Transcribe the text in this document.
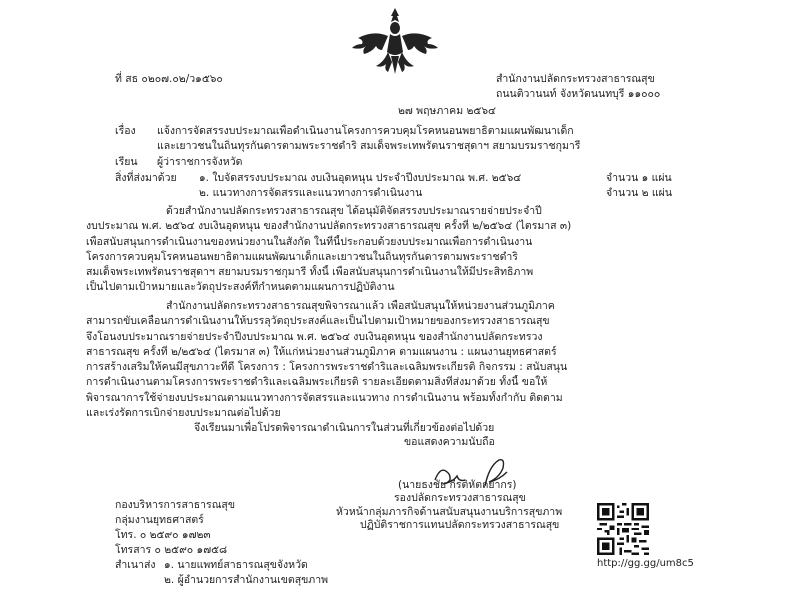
ที่ สธ ๐๒๐๗.๐๒/ว๑๕๖๐	สำนักงานปลัดกระทรวงสาธารณสุข
ถนนติวานนท์ จังหวัดนนทบุรี ๑๑๐๐๐
๒๗ พฤษภาคม ๒๕๖๔
เรื่อง แจ้งการจัดสรรงบประมาณเพื่อดำเนินงานโครงการควบคุมโรคหนอนพยาธิตามแผนพัฒนาเด็ก
และเยาวชนในถิ่นทุรกันดารตามพระราชดำริ สมเด็จพระเทพรัตนราชสุดาฯ สยามบรมราชกุมารี
เรียน ผู้ว่าราชการจังหวัด
สิ่งที่ส่งมาด้วย ๑. ใบจัดสรรงบประมาณ งบเงินอุดหนุน ประจำปีงบประมาณ พ.ศ. ๒๕๖๔	จำนวน ๑ แผ่น
๒. แนวทางการจัดสรรและแนวทางการดำเนินงาน	จำนวน ๒ แผ่น
ด้วยสำนักงานปลัดกระทรวงสาธารณสุข ได้อนุมัติจัดสรรงบประมาณรายจ่ายประจำปี
งบประมาณ พ.ศ. ๒๕๖๔ งบเงินอุดหนุน ของสำนักงานปลัดกระทรวงสาธารณสุข ครั้งที่ ๒/๒๕๖๔ (ไตรมาส ๓)
เพื่อสนับสนุนการดำเนินงานของหน่วยงานในสังกัด ในที่นี้ประกอบด้วยงบประมาณเพื่อการดำเนินงาน
โครงการควบคุมโรคหนอนพยาธิตามแผนพัฒนาเด็กและเยาวชนในถิ่นทุรกันดารตามพระราชดำริ
สมเด็จพระเทพรัตนราชสุดาฯ สยามบรมราชกุมารี ทั้งนี้ เพื่อสนับสนุนการดำเนินงานให้มีประสิทธิภาพ
เป็นไปตามเป้าหมายและวัตถุประสงค์ที่กำหนดตามแผนการปฏิบัติงาน
สำนักงานปลัดกระทรวงสาธารณสุขพิจารณาแล้ว เพื่อสนับสนุนให้หน่วยงานส่วนภูมิภาค
สามารถขับเคลื่อนการดำเนินงานให้บรรลุวัตถุประสงค์และเป็นไปตามเป้าหมายของกระทรวงสาธารณสุข
จึงโอนงบประมาณรายจ่ายประจำปีงบประมาณ พ.ศ. ๒๕๖๔ งบเงินอุดหนุน ของสำนักงานปลัดกระทรวง
สาธารณสุข ครั้งที่ ๒/๒๕๖๔ (ไตรมาส ๓) ให้แก่หน่วยงานส่วนภูมิภาค ตามแผนงาน : แผนงานยุทธศาสตร์
การสร้างเสริมให้คนมีสุขภาวะที่ดี โครงการ : โครงการพระราชดำริและเฉลิมพระเกียรติ กิจกรรม : สนับสนุน
การดำเนินงานตามโครงการพระราชดำริและเฉลิมพระเกียรติ รายละเอียดตามสิ่งที่ส่งมาด้วย ทั้งนี้ ขอให้
พิจารณาการใช้จ่ายงบประมาณตามแนวทางการจัดสรรและแนวทาง การดำเนินงาน พร้อมทั้งกำกับ ติดตาม
และเร่งรัดการเบิกจ่ายงบประมาณต่อไปด้วย
จึงเรียนมาเพื่อโปรดพิจารณาดำเนินการในส่วนที่เกี่ยวข้องต่อไปด้วย
ขอแสดงความนับถือ
(นายธงชัย กีรติหัตถยากร)
รองปลัดกระทรวงสาธารณสุข
หัวหน้ากลุ่มภารกิจด้านสนับสนุนงานบริการสุขภาพ
ปฏิบัติราชการแทนปลัดกระทรวงสาธารณสุข
กองบริหารการสาธารณสุข
กลุ่มงานยุทธศาสตร์
โทร. ๐ ๒๕๙๐ ๑๗๒๓
โทรสาร ๐ ๒๕๙๐ ๑๗๕๘
สำเนาส่ง ๑. นายแพทย์สาธารณสุขจังหวัด
๒. ผู้อำนวยการสำนักงานเขตสุขภาพ
http://gg.gg/um8c5
